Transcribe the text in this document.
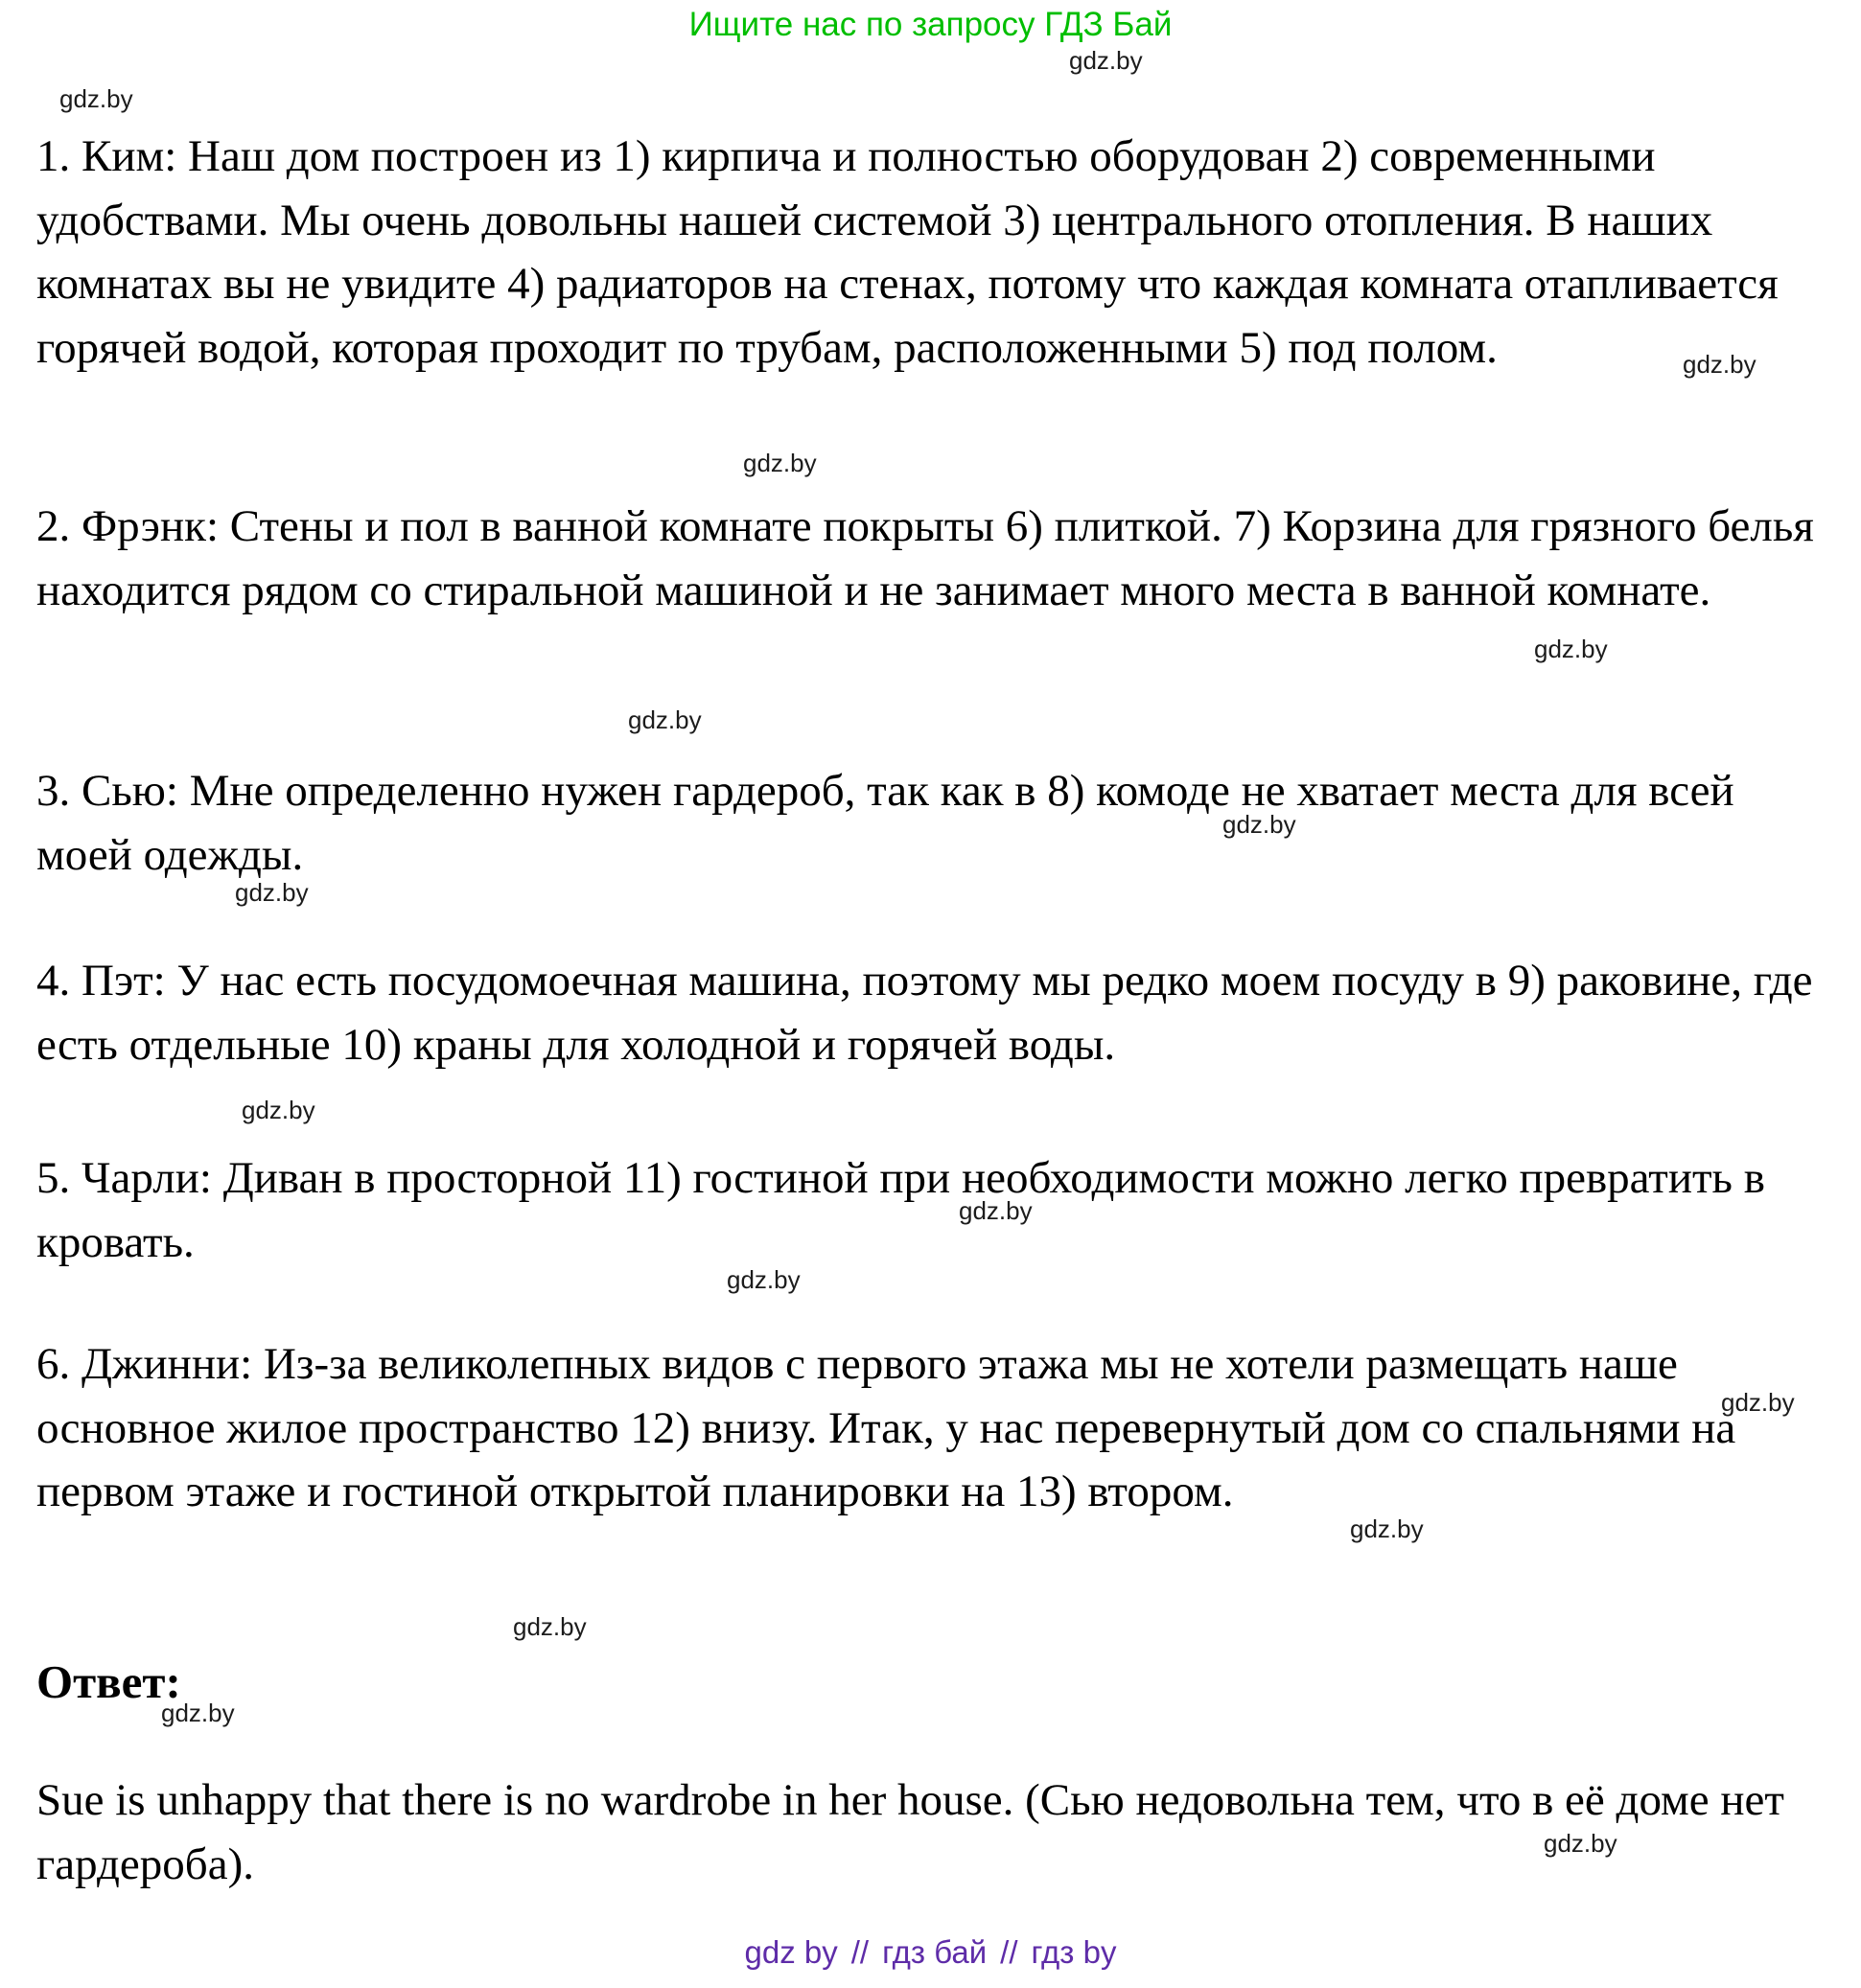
Ищите нас по запросу ГДЗ Бай
gdz.by
gdz.by
gdz.by
gdz.by
gdz.by
gdz.by
gdz.by
gdz.by
gdz.by
gdz.by
gdz.by
gdz.by
gdz.by
gdz.by
gdz.by
gdz.by

1. Ким: Наш дом построен из 1) кирпича и полностью оборудован 2) современными удобствами. Мы очень довольны нашей системой 3) центрального отопления. В наших комнатах вы не увидите 4) радиаторов на стенах, потому что каждая комната отапливается горячей водой, которая проходит по трубам, расположенными 5) под полом.

2. Фрэнк: Стены и пол в ванной комнате покрыты 6) плиткой. 7) Корзина для грязного белья находится рядом со стиральной машиной и не занимает много места в ванной комнате.

3. Сью: Мне определенно нужен гардероб, так как в 8) комоде не хватает места для всей моей одежды.

4. Пэт: У нас есть посудомоечная машина, поэтому мы редко моем посуду в 9) раковине, где есть отдельные 10) краны для холодной и горячей воды.

5. Чарли: Диван в просторной 11) гостиной при необходимости можно легко превратить в кровать.

6. Джинни: Из-за великолепных видов с первого этажа мы не хотели размещать наше основное жилое пространство 12) внизу. Итак, у нас перевернутый дом со спальнями на первом этаже и гостиной открытой планировки на 13) втором.

Ответ:

Sue is unhappy that there is no wardrobe in her house. (Сью недовольна тем, что в её доме нет гардероба).

gdz by // гдз бай // гдз by
